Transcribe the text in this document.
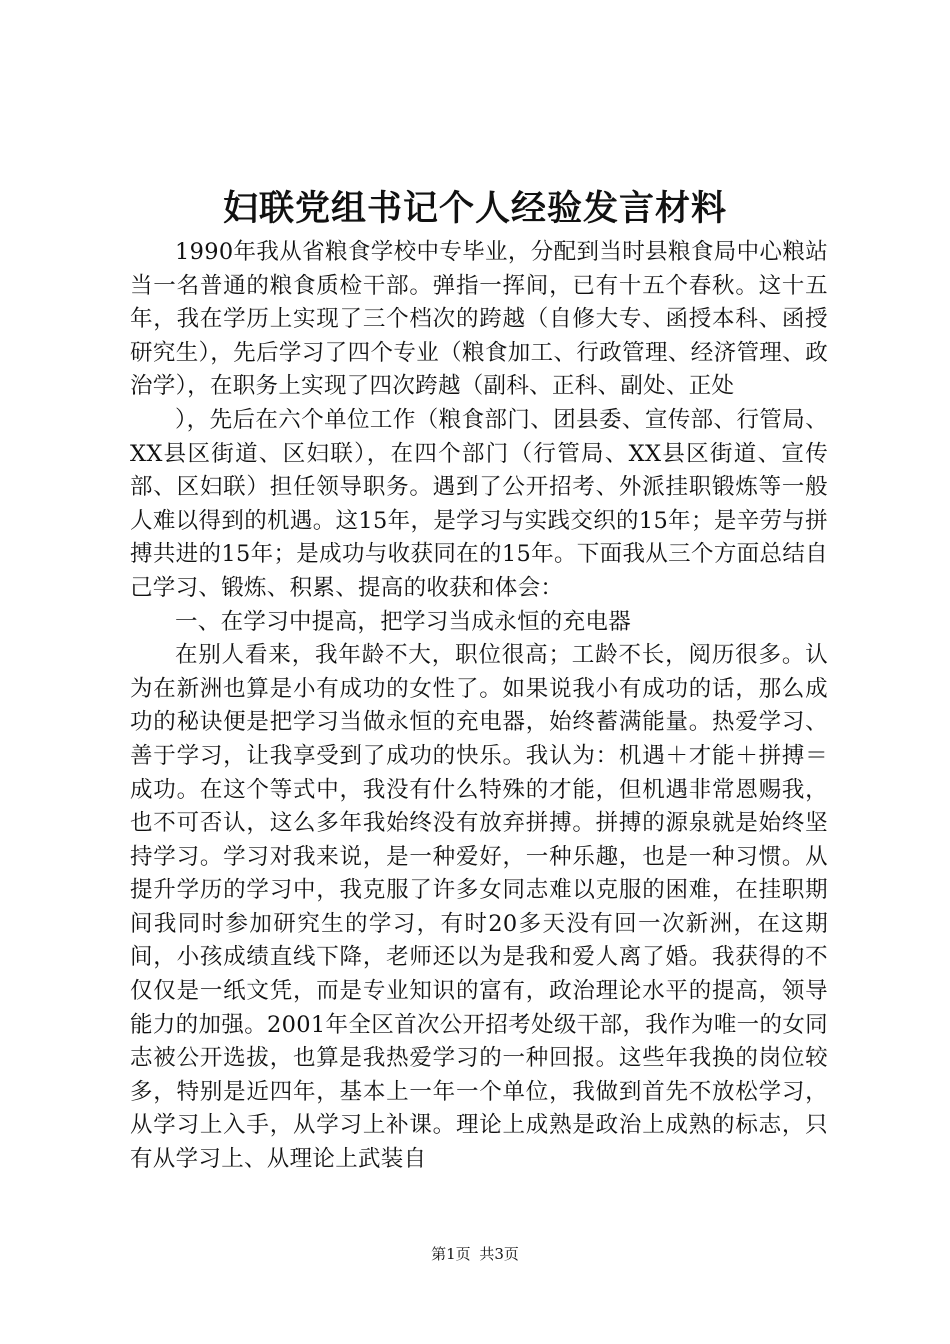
妇联党组书记个人经验发言材料

1990年我从省粮食学校中专毕业，分配到当时县粮食局中心粮站当一名普通的粮食质检干部。弹指一挥间，已有十五个春秋。这十五年，我在学历上实现了三个档次的跨越（自修大专、函授本科、函授研究生），先后学习了四个专业（粮食加工、行政管理、经济管理、政治学），在职务上实现了四次跨越（副科、正科、副处、正处

），先后在六个单位工作（粮食部门、团县委、宣传部、行管局、XX县区街道、区妇联），在四个部门（行管局、XX县区街道、宣传部、区妇联）担任领导职务。遇到了公开招考、外派挂职锻炼等一般人难以得到的机遇。这15年，是学习与实践交织的15年；是辛劳与拼搏共进的15年；是成功与收获同在的15年。下面我从三个方面总结自己学习、锻炼、积累、提高的收获和体会：

一、在学习中提高，把学习当成永恒的充电器

在别人看来，我年龄不大，职位很高；工龄不长，阅历很多。认为在新洲也算是小有成功的女性了。如果说我小有成功的话，那么成功的秘诀便是把学习当做永恒的充电器，始终蓄满能量。热爱学习、善于学习，让我享受到了成功的快乐。我认为：机遇＋才能＋拼搏＝成功。在这个等式中，我没有什么特殊的才能，但机遇非常恩赐我，也不可否认，这么多年我始终没有放弃拼搏。拼搏的源泉就是始终坚持学习。学习对我来说，是一种爱好，一种乐趣，也是一种习惯。从提升学历的学习中，我克服了许多女同志难以克服的困难，在挂职期间我同时参加研究生的学习，有时20多天没有回一次新洲，在这期间，小孩成绩直线下降，老师还以为是我和爱人离了婚。我获得的不仅仅是一纸文凭，而是专业知识的富有，政治理论水平的提高，领导能力的加强。2001年全区首次公开招考处级干部，我作为唯一的女同志被公开选拔，也算是我热爱学习的一种回报。这些年我换的岗位较多，特别是近四年，基本上一年一个单位，我做到首先不放松学习，从学习上入手，从学习上补课。理论上成熟是政治上成熟的标志，只有从学习上、从理论上武装自

第1页 共3页
